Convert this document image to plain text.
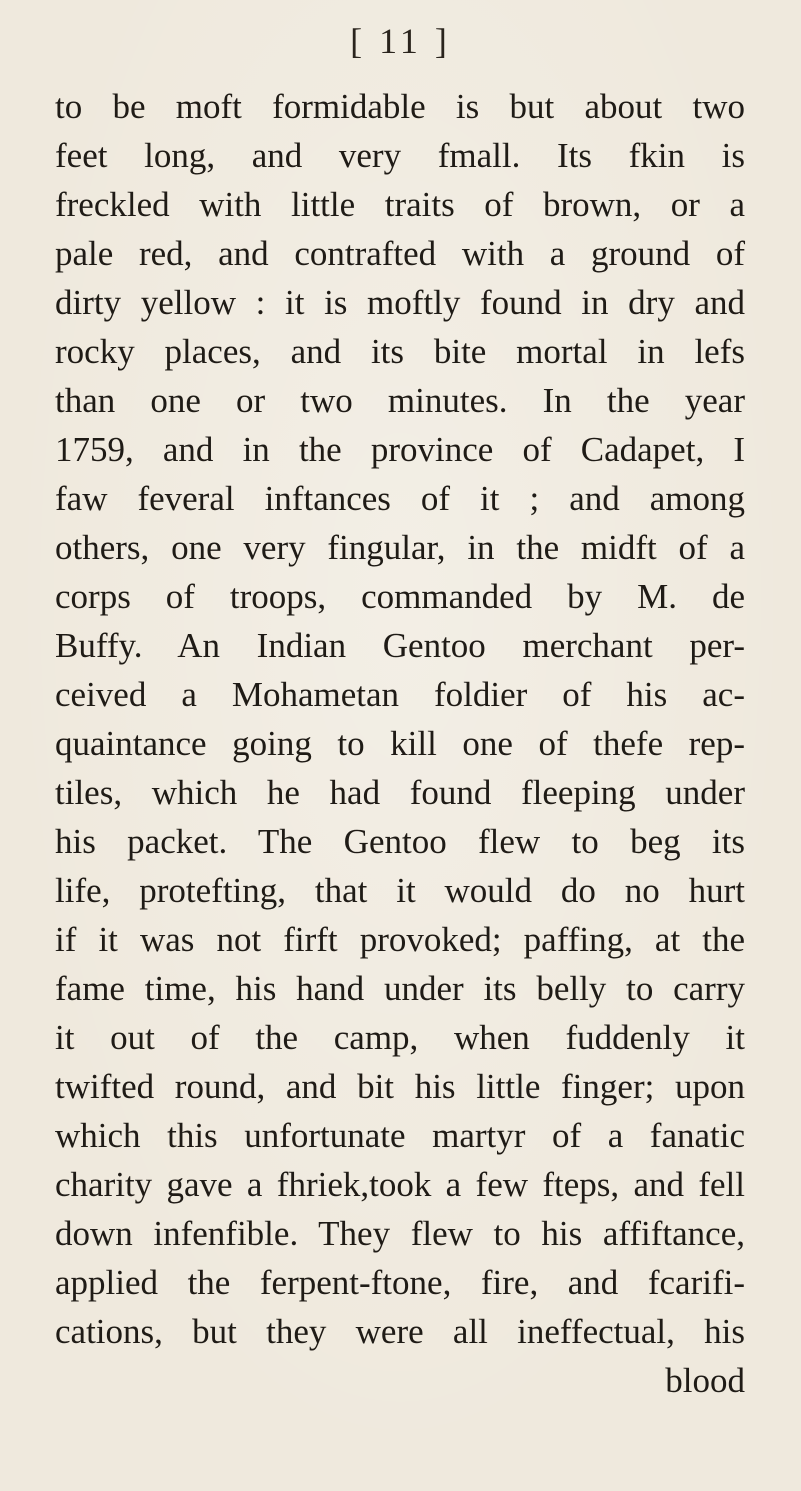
[ 11 ]
to be moft formidable is but about two
feet long, and very fmall. Its fkin is
freckled with little traits of brown, or a
pale red, and contrafted with a ground of
dirty yellow : it is moftly found in dry and
rocky places, and its bite mortal in lefs
than one or two minutes. In the year
1759, and in the province of Cadapet, I
faw feveral inftances of it ; and among
others, one very fingular, in the midft of a
corps of troops, commanded by M. de
Buffy. An Indian Gentoo merchant per-
ceived a Mohametan foldier of his ac-
quaintance going to kill one of thefe rep-
tiles, which he had found fleeping under
his packet. The Gentoo flew to beg its
life, protefting, that it would do no hurt
if it was not firft provoked; paffing, at the
fame time, his hand under its belly to carry
it out of the camp, when fuddenly it
twifted round, and bit his little finger; upon
which this unfortunate martyr of a fanatic
charity gave a fhriek,took a few fteps, and fell
down infenfible. They flew to his affiftance,
applied the ferpent-ftone, fire, and fcarifi-
cations, but they were all ineffectual, his
blood
